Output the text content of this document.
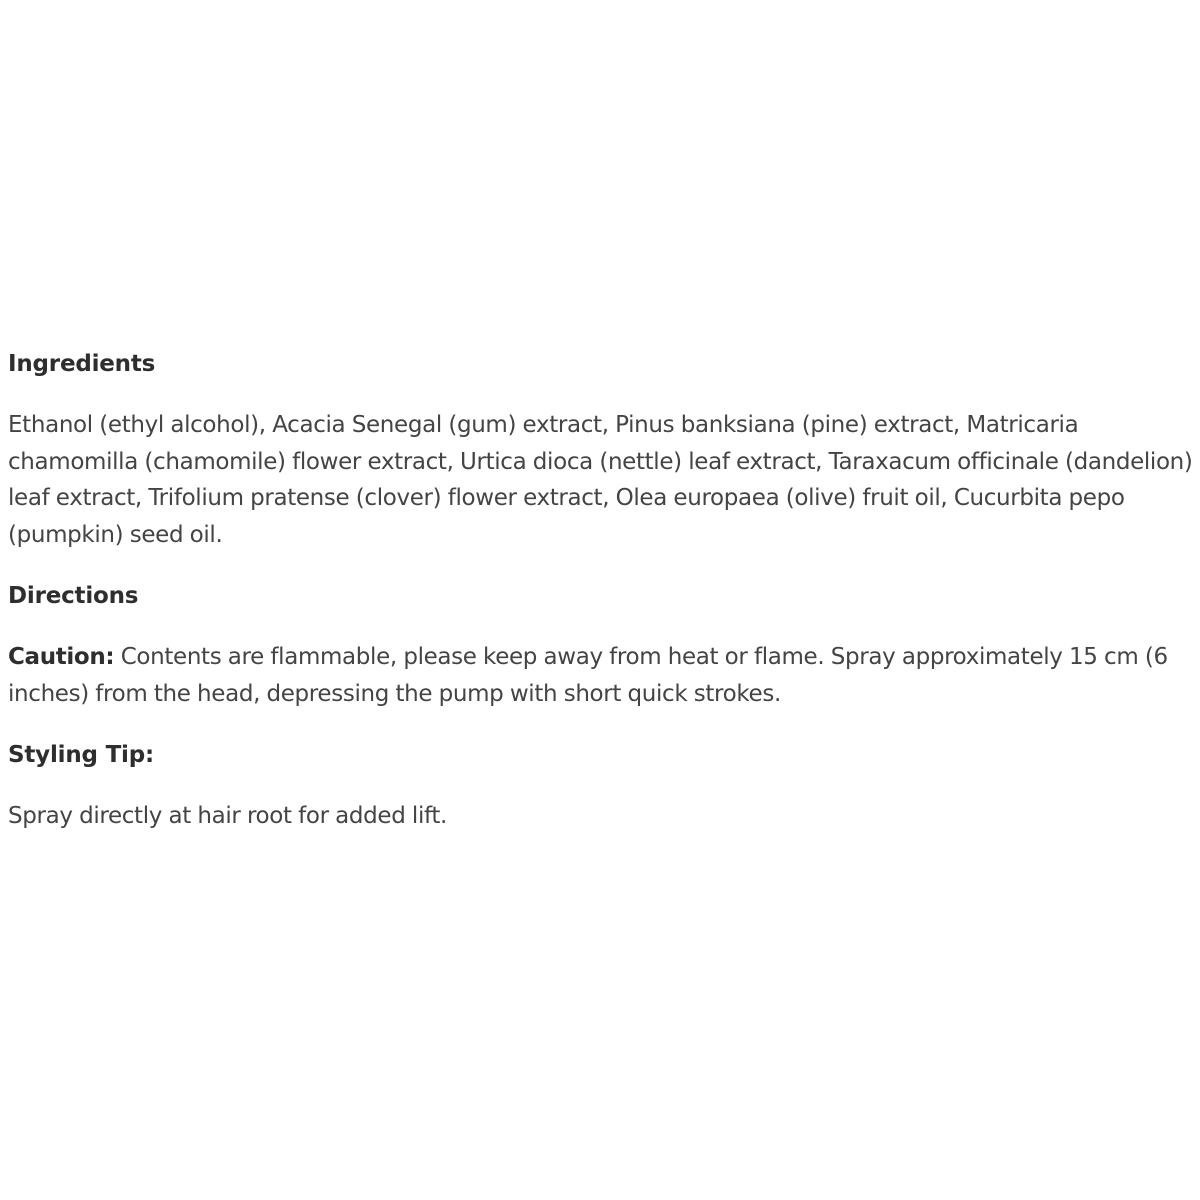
Ingredients
Ethanol (ethyl alcohol), Acacia Senegal (gum) extract, Pinus banksiana (pine) extract, Matricaria chamomilla (chamomile) flower extract, Urtica dioca (nettle) leaf extract, Taraxacum officinale (dandelion) leaf extract, Trifolium pratense (clover) flower extract, Olea europaea (olive) fruit oil, Cucurbita pepo (pumpkin) seed oil.
Directions
Caution: Contents are flammable, please keep away from heat or flame. Spray approximately 15 cm (6 inches) from the head, depressing the pump with short quick strokes.
Styling Tip:
Spray directly at hair root for added lift.
